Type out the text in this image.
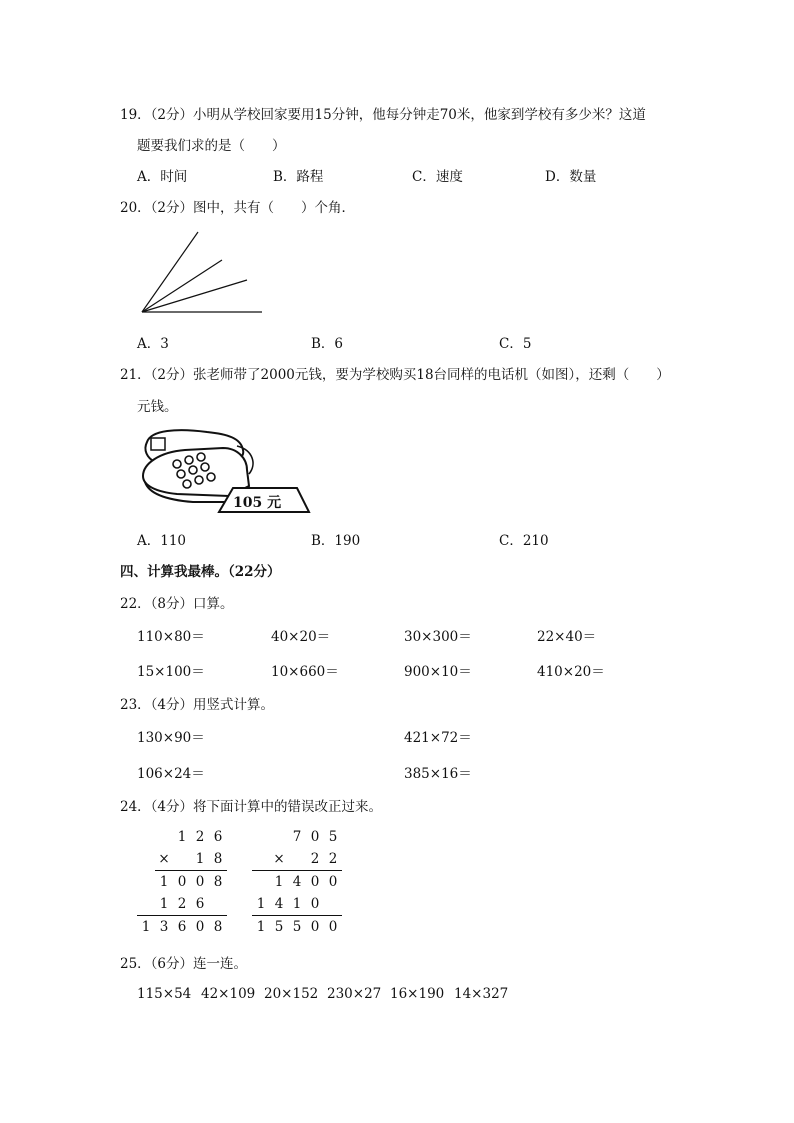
19．（2分）小明从学校回家要用15分钟，他每分钟走70米，他家到学校有多少米？这道
题要我们求的是（　　）
A．时间	B．路程	C．速度	D．数量
20．（2分）图中，共有（　　）个角．
A．3	B．6	C．5
21．（2分）张老师带了2000元钱，要为学校购买18台同样的电话机（如图），还剩（　　）
元钱。
105 元
A．110	B．190	C．210
四、计算我最棒。（22分）
22．（8分）口算。
110×80＝	40×20＝	30×300＝	22×40＝
15×100＝	10×660＝	900×10＝	410×20＝
23．（4分）用竖式计算。
130×90＝	421×72＝
106×24＝	385×16＝
24．（4分）将下面计算中的错误改正过来。
		1	2	6
	×		1	8
	1	0	0	8
	1	2	6	
1	3	6	0	8
		7	0	5
	×		2	2
	1	4	0	0
1	4	1	0	
1	5	5	0	0
25．（6分）连一连。
115×54 42×109 20×152 230×27 16×190 14×327
